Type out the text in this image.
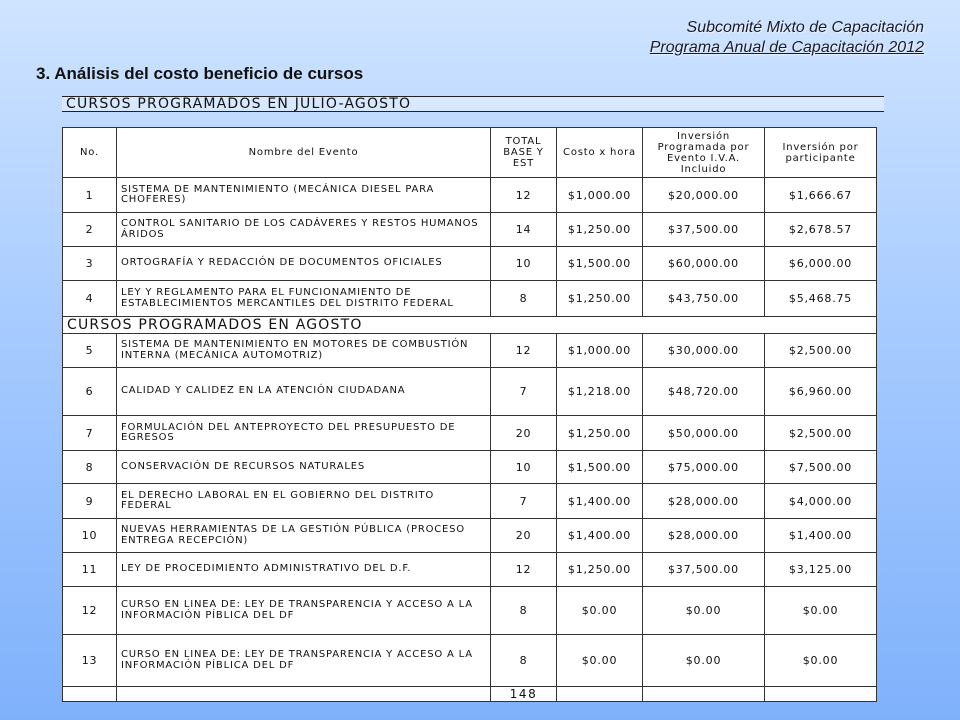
Subcomité Mixto de Capacitación
Programa Anual de Capacitación 2012
3. Análisis del costo beneficio de cursos
CURSOS PROGRAMADOS EN JULIO-AGOSTO
No.	Nombre del Evento	TOTAL BASE Y EST	Costo x hora	Inversión Programada por Evento I.V.A. Incluido	Inversión por participante
1	SISTEMA DE MANTENIMIENTO (MECÁNICA DIESEL PARA CHOFERES)	12	$1,000.00	$20,000.00	$1,666.67
2	CONTROL SANITARIO DE LOS CADÁVERES Y RESTOS HUMANOS ÁRIDOS	14	$1,250.00	$37,500.00	$2,678.57
3	ORTOGRAFÍA Y REDACCIÓN DE DOCUMENTOS OFICIALES	10	$1,500.00	$60,000.00	$6,000.00
4	LEY Y REGLAMENTO PARA EL FUNCIONAMIENTO DE ESTABLECIMIENTOS MERCANTILES DEL DISTRITO FEDERAL	8	$1,250.00	$43,750.00	$5,468.75
CURSOS PROGRAMADOS EN AGOSTO					
5	SISTEMA DE MANTENIMIENTO EN MOTORES DE COMBUSTIÓN INTERNA (MECÁNICA AUTOMOTRIZ)	12	$1,000.00	$30,000.00	$2,500.00
6	CALIDAD Y CALIDEZ EN LA ATENCIÓN CIUDADANA	7	$1,218.00	$48,720.00	$6,960.00
7	FORMULACIÓN DEL ANTEPROYECTO DEL PRESUPUESTO DE EGRESOS	20	$1,250.00	$50,000.00	$2,500.00
8	CONSERVACIÓN DE RECURSOS NATURALES	10	$1,500.00	$75,000.00	$7,500.00
9	EL DERECHO LABORAL EN EL GOBIERNO DEL DISTRITO FEDERAL	7	$1,400.00	$28,000.00	$4,000.00
10	NUEVAS HERRAMIENTAS DE LA GESTIÓN PÚBLICA (PROCESO ENTREGA RECEPCIÓN)	20	$1,400.00	$28,000.00	$1,400.00
11	LEY DE PROCEDIMIENTO ADMINISTRATIVO DEL D.F.	12	$1,250.00	$37,500.00	$3,125.00
12	CURSO EN LINEA DE: LEY DE TRANSPARENCIA Y ACCESO A LA INFORMACIÓN PÍBLICA DEL DF	8	$0.00	$0.00	$0.00
13	CURSO EN LINEA DE: LEY DE TRANSPARENCIA Y ACCESO A LA INFORMACIÓN PÍBLICA DEL DF	8	$0.00	$0.00	$0.00
		148			
